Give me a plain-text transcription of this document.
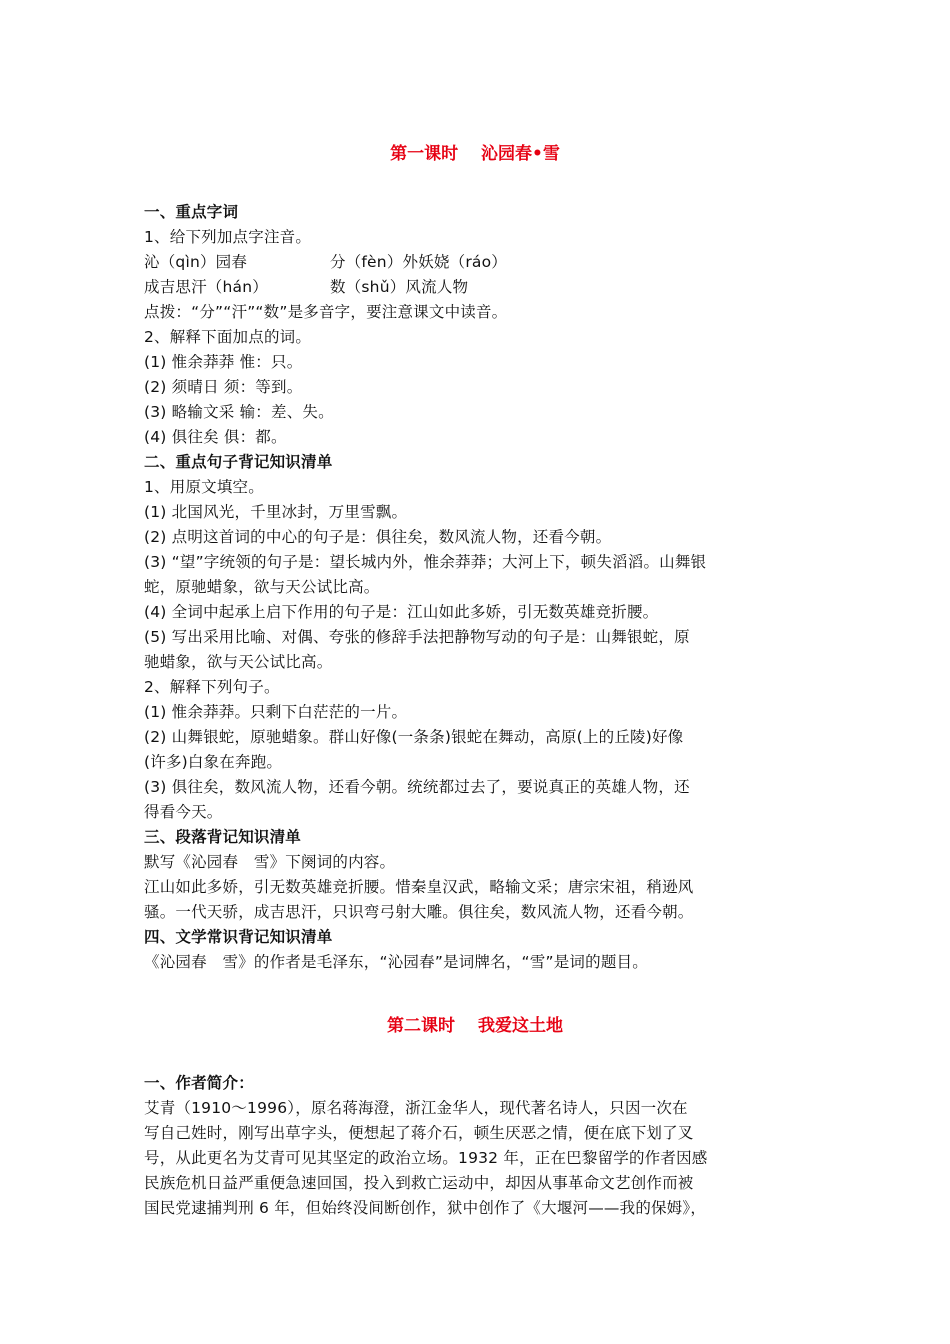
第一课时　 沁园春•雪
一、重点字词
1、给下列加点字注音。
沁（qìn）园春	分（fèn）外妖娆（ráo）
成吉思汗（hán）	数（shǔ）风流人物
点拨：“分”“汗”“数”是多音字，要注意课文中读音。
2、解释下面加点的词。
(1) 惟余莽莽 惟：只。
(2) 须晴日 须：等到。
(3) 略输文采 输：差、失。
(4) 俱往矣 俱：都。
二、重点句子背记知识清单
1、用原文填空。
(1) 北国风光，千里冰封，万里雪飘。
(2) 点明这首词的中心的句子是：俱往矣，数风流人物，还看今朝。
(3) “望”字统领的句子是：望长城内外，惟余莽莽；大河上下，顿失滔滔。山舞银
蛇，原驰蜡象，欲与天公试比高。
(4) 全词中起承上启下作用的句子是：江山如此多娇，引无数英雄竞折腰。
(5) 写出采用比喻、对偶、夸张的修辞手法把静物写动的句子是：山舞银蛇，原
驰蜡象，欲与天公试比高。
2、解释下列句子。
(1) 惟余莽莽。只剩下白茫茫的一片。
(2) 山舞银蛇，原驰蜡象。群山好像(一条条)银蛇在舞动，高原(上的丘陵)好像
(许多)白象在奔跑。
(3) 俱往矣，数风流人物，还看今朝。统统都过去了，要说真正的英雄人物，还
得看今天。
三、段落背记知识清单
默写《沁园春　雪》下阕词的内容。
江山如此多娇，引无数英雄竞折腰。惜秦皇汉武，略输文采；唐宗宋祖，稍逊风
骚。一代天骄，成吉思汗，只识弯弓射大雕。俱往矣，数风流人物，还看今朝。
四、文学常识背记知识清单
《沁园春　雪》的作者是毛泽东，“沁园春”是词牌名，“雪”是词的题目。
第二课时　 我爱这土地
一、作者简介：
艾青（1910～1996），原名蒋海澄，浙江金华人，现代著名诗人，只因一次在
写自己姓时，刚写出草字头，便想起了蒋介石，顿生厌恶之情，便在底下划了叉
号，从此更名为艾青可见其坚定的政治立场。1932 年，正在巴黎留学的作者因感
民族危机日益严重便急速回国，投入到救亡运动中，却因从事革命文艺创作而被
国民党逮捕判刑 6 年，但始终没间断创作，狱中创作了《大堰河——我的保姆》，
